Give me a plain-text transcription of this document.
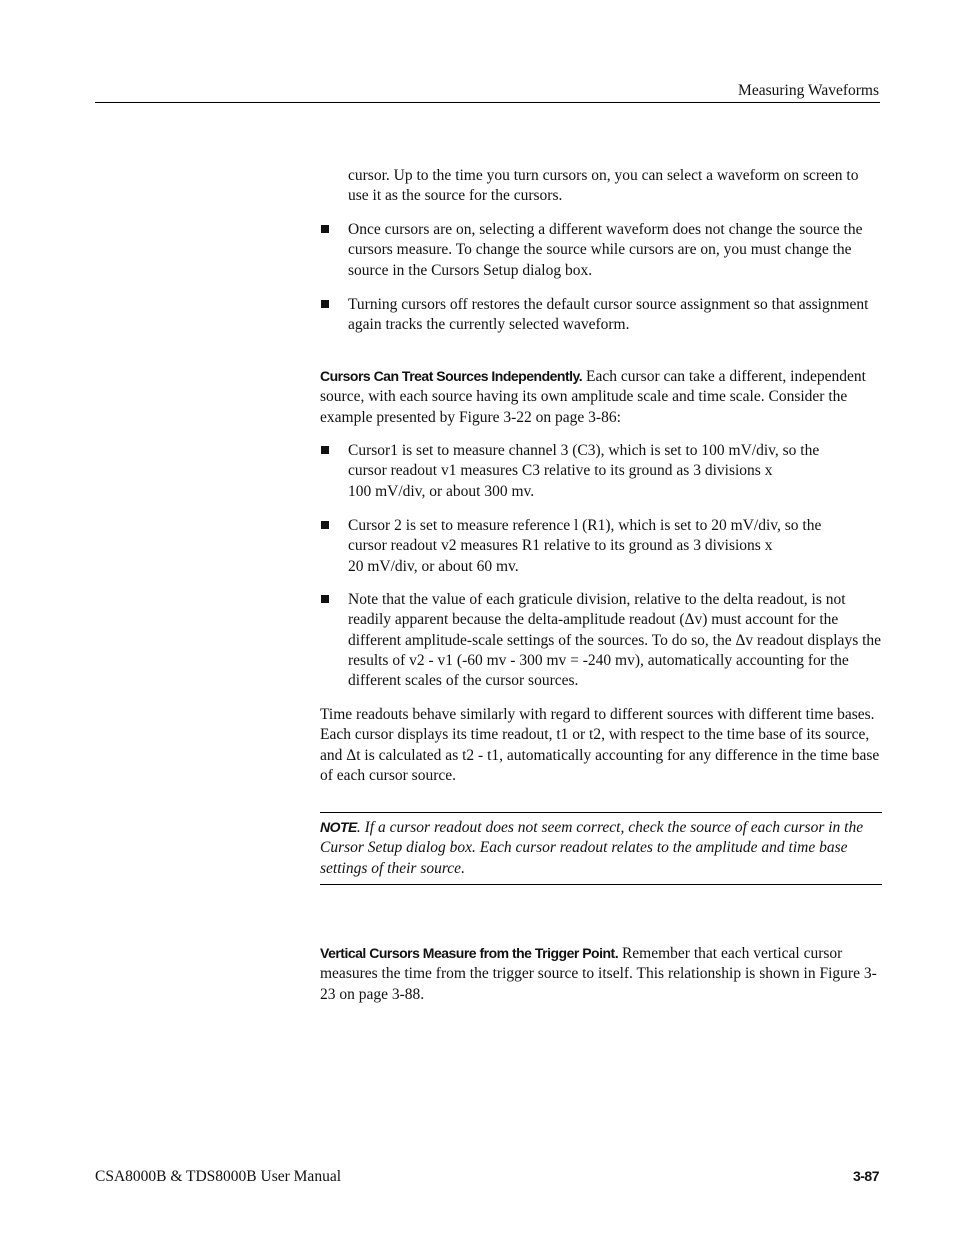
Measuring Waveforms

cursor. Up to the time you turn cursors on, you can select a waveform on screen to use it as the source for the cursors.

Once cursors are on, selecting a different waveform does not change the source the cursors measure. To change the source while cursors are on, you must change the source in the Cursors Setup dialog box.
Turning cursors off restores the default cursor source assignment so that assignment again tracks the currently selected waveform.

Cursors Can Treat Sources Independently. Each cursor can take a different, independent source, with each source having its own amplitude scale and time scale. Consider the example presented by Figure 3-22 on page 3-86:

Cursor1 is set to measure channel 3 (C3), which is set to 100 mV/div, so the
cursor readout v1 measures C3 relative to its ground as 3 divisions x
100 mV/div, or about 300 mv.
Cursor 2 is set to measure reference l (R1), which is set to 20 mV/div, so the
cursor readout v2 measures R1 relative to its ground as 3 divisions x
20 mV/div, or about 60 mv.
Note that the value of each graticule division, relative to the delta readout, is not readily apparent because the delta-amplitude readout (Δv) must account for the different amplitude-scale settings of the sources. To do so, the Δv readout displays the results of v2 - v1 (-60 mv - 300 mv = -240 mv), automatically accounting for the different scales of the cursor sources.

Time readouts behave similarly with regard to different sources with different time bases. Each cursor displays its time readout, t1 or t2, with respect to the time base of its source, and Δt is calculated as t2 - t1, automatically accounting for any difference in the time base of each cursor source.

NOTE. If a cursor readout does not seem correct, check the source of each cursor in the Cursor Setup dialog box. Each cursor readout relates to the amplitude and time base settings of their source.

Vertical Cursors Measure from the Trigger Point. Remember that each vertical cursor measures the time from the trigger source to itself. This relationship is shown in Figure 3-23 on page 3-88.

CSA8000B & TDS8000B User Manual	3-87
